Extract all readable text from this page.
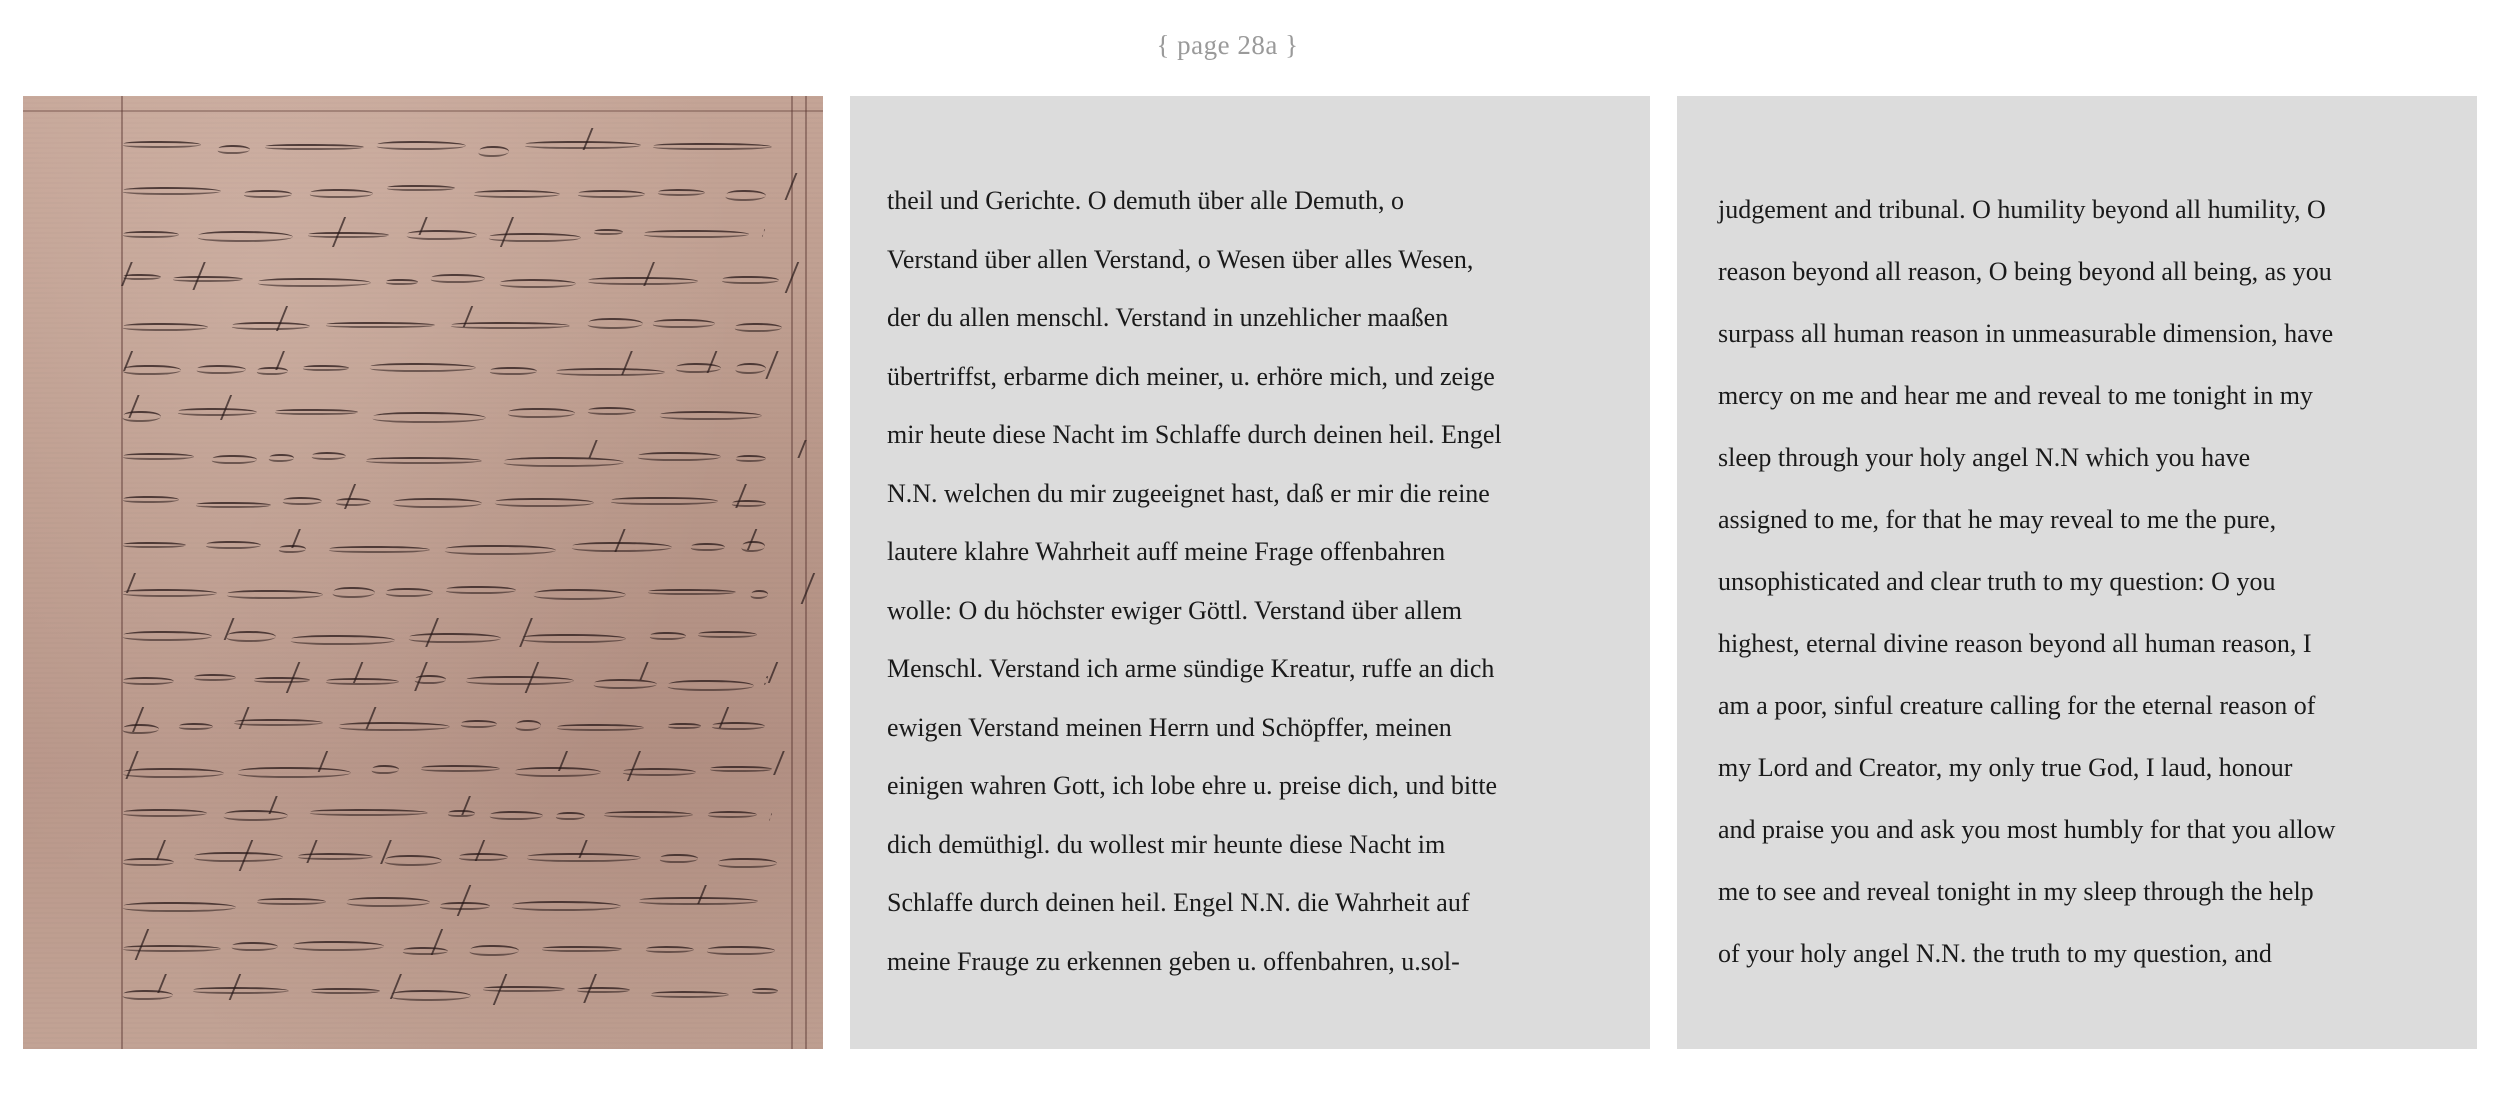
{ page 28a }
theil und Gerichte. O demuth über alle Demuth, o
Verstand über allen Verstand, o Wesen über alles Wesen,
der du allen menschl. Verstand in unzehlicher maaßen
übertriffst, erbarme dich meiner, u. erhöre mich, und zeige
mir heute diese Nacht im Schlaffe durch deinen heil. Engel
N.N. welchen du mir zugeeignet hast, daß er mir die reine
lautere klahre Wahrheit auff meine Frage offenbahren
wolle: O du höchster ewiger Göttl. Verstand über allem
Menschl. Verstand ich arme sündige Kreatur, ruffe an dich
ewigen Verstand meinen Herrn und Schöpffer, meinen
einigen wahren Gott, ich lobe ehre u. preise dich, und bitte
dich demüthigl. du wollest mir heunte diese Nacht im
Schlaffe durch deinen heil. Engel N.N. die Wahrheit auf
meine Frauge zu erkennen geben u. offenbahren, u.sol-
judgement and tribunal. O humility beyond all humility, O
reason beyond all reason, O being beyond all being, as you
surpass all human reason in unmeasurable dimension, have
mercy on me and hear me and reveal to me tonight in my
sleep through your holy angel N.N which you have
assigned to me, for that he may reveal to me the pure,
unsophisticated and clear truth to my question: O you
highest, eternal divine reason beyond all human reason, I
am a poor, sinful creature calling for the eternal reason of
my Lord and Creator, my only true God, I laud, honour
and praise you and ask you most humbly for that you allow
me to see and reveal tonight in my sleep through the help
of your holy angel N.N. the truth to my question, and
